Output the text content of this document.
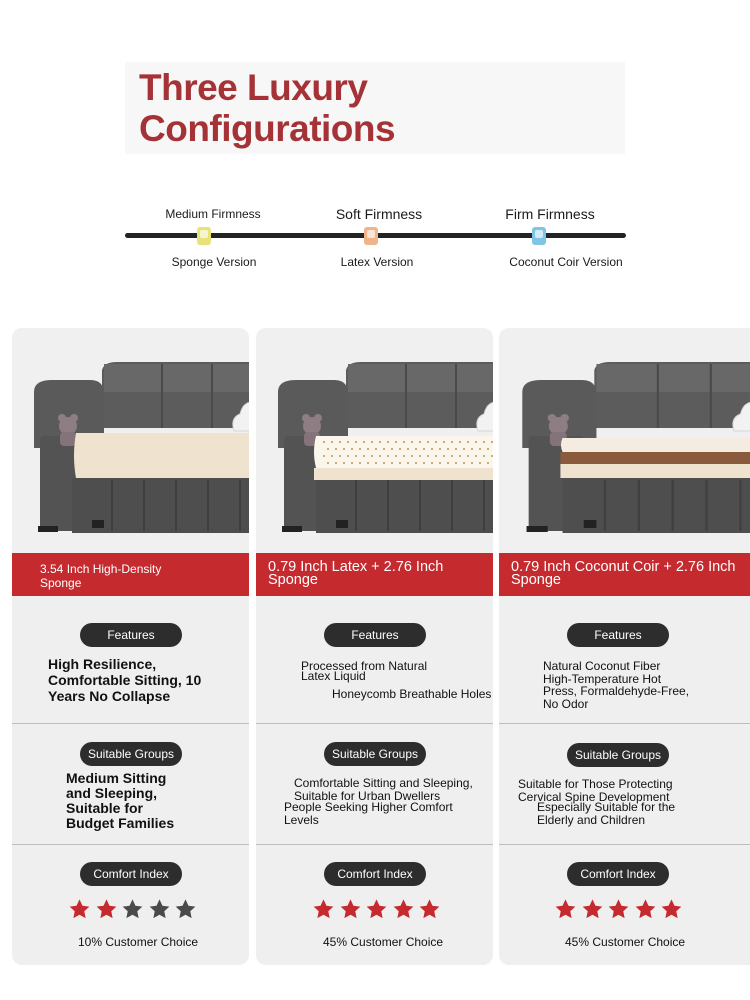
Three Luxury
Configurations
Medium Firmness	Soft Firmness	Firm Firmness
Sponge Version	Latex Version	Coconut Coir Version
3.54 Inch High-Density Sponge
Features
High Resilience,
Comfortable Sitting, 10
Years No Collapse
Suitable Groups
Medium Sitting
and Sleeping,
Suitable for
Budget Families
Comfort Index
10% Customer Choice
0.79 Inch Latex + 2.76 Inch Sponge
Features
Processed from Natural
Latex Liquid
Honeycomb Breathable Holes
Suitable Groups
Comfortable Sitting and Sleeping,
Suitable for Urban Dwellers
People Seeking Higher Comfort
Levels
Comfort Index
45% Customer Choice
0.79 Inch Coconut Coir + 2.76 Inch Sponge
Features
Natural Coconut Fiber
High-Temperature Hot
Press, Formaldehyde-Free,
No Odor
Suitable Groups
Suitable for Those Protecting
Cervical Spine Development
Especially Suitable for the
Elderly and Children
Comfort Index
45% Customer Choice
